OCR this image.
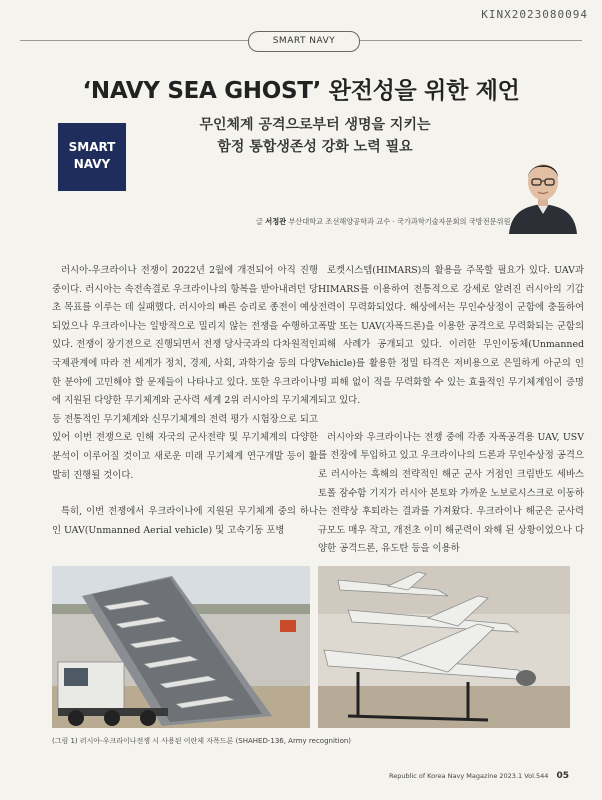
KINX2023080094
SMART NAVY
‘NAVY SEA GHOST’ 완전성을 위한 제언
무인체계 공격으로부터 생명을 지키는
함정 통합생존성 강화 노력 필요
SMART
NAVY
글 서정관 부산대학교 조선해양공학과 교수 · 국가과학기술자문회의 국방전문위원

러시아-우크라이나 전쟁이 2022년 2월에 개전되어 아직 진행 중이다. 러시아는 속전속결로 우크라이나의 항복을 받아내려던 당초 목표를 이루는 데 실패했다. 러시아의 빠른 승리로 종전이 예상되었으나 우크라이나는 일방적으로 밀리지 않는 전쟁을 수행하고 있다. 전쟁이 장기전으로 진행되면서 전쟁 당사국과의 다차원적인 국제관계에 따라 전 세계가 정치, 경제, 사회, 과학기술 등의 다양한 분야에 고민해야 할 문제들이 나타나고 있다. 또한 우크라이나에 지원된 다양한 무기체계와 군사력 세계 2위 러시아의 무기체계 등 전통적인 무기체계와 신무기체계의 전력 평가 시험장으로 되고 있어 이번 전쟁으로 인해 자국의 군사전략 및 무기체계의 다양한 분석이 이루어질 것이고 새로운 미래 무기체계 연구개발 등이 활발히 진행될 것이다.

특히, 이번 전쟁에서 우크라이나에 지원된 무기체계 중의 하나인 UAV(Unmanned Aerial vehicle) 및 고속기동 포병

로켓시스템(HIMARS)의 활용을 주목할 필요가 있다. UAV과 HIMARS를 이용하여 전통적으로 강세로 알려진 러시아의 기갑전력이 무력화되었다. 해상에서는 무인수상정이 군함에 충돌하여 폭발 또는 UAV(자폭드론)을 이용한 공격으로 무력화되는 군함의 피해 사례가 공개되고 있다. 이러한 무인이동체(Unmanned Vehicle)를 활용한 정밀 타격은 저비용으로 은밀하게 아군의 인명 피해 없이 적을 무력화할 수 있는 효율적인 무기체계임이 증명되고 있다.

러시아와 우크라이나는 전쟁 중에 각종 자폭공격용 UAV, USV를 전장에 투입하고 있고 우크라이나의 드론과 무인수상정 공격으로 러시아는 흑해의 전략적인 해군 군사 거점인 크림반도 세바스토폴 잠수함 기지가 러시아 본토와 가까운 노보로시스크로 이동하는 전략상 후퇴라는 결과를 가져왔다. 우크라이나 해군은 군사력 규모도 매우 작고, 개전초 이미 해군력이 와해 된 상황이었으나 다양한 공격드론, 유도탄 등을 이용하

(그림 1) 러시아-우크라이나전쟁 시 사용된 이란제 자폭드론 (SHAHED-136, Army recognition)
Republic of Korea Navy Magazine 2023.1 Vol.544 05
